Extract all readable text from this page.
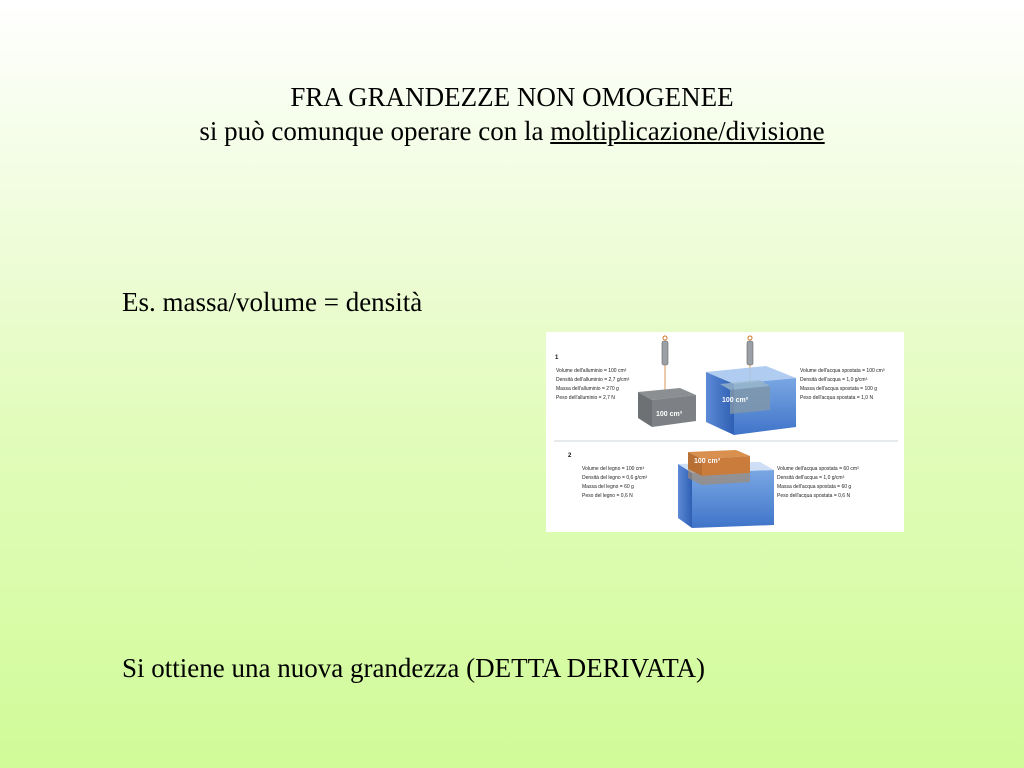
FRA GRANDEZZE NON OMOGENEE
si può comunque operare con la moltiplicazione/divisione
Es. massa/volume = densità
1
Volume dell'alluminio = 100 cm³
Densità dell'alluminio = 2,7 g/cm³
Massa dell'alluminio = 270 g
Peso dell'alluminio = 2,7 N
Volume dell'acqua spostata = 100 cm³
Densità dell'acqua = 1,0 g/cm³
Massa dell'acqua spostata = 100 g
Peso dell'acqua spostata = 1,0 N
100 cm³
100 cm³
2
Volume del legno = 100 cm³
Densità del legno = 0,6 g/cm³
Massa del legno = 60 g
Peso del legno = 0,6 N
Volume dell'acqua spostata = 60 cm³
Densità dell'acqua = 1,0 g/cm³
Massa dell'acqua spostata = 60 g
Peso dell'acqua spostata = 0,6 N
100 cm³
Si ottiene una nuova grandezza (DETTA DERIVATA)
